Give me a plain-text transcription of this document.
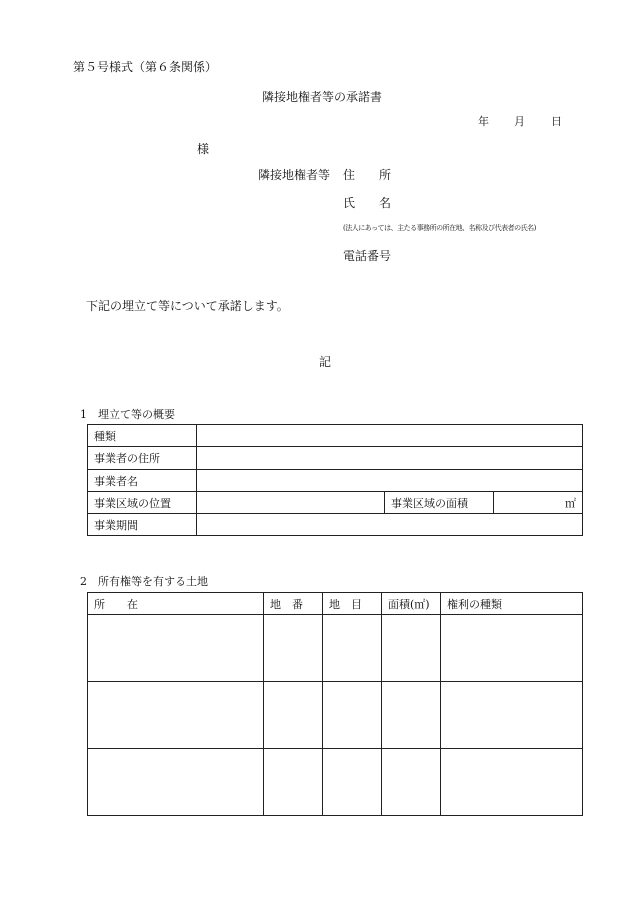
第５号様式（第６条関係）
隣接地権者等の承諾書
年 月 日
様
隣接地権者等 住　　所
氏　　名
(法人にあっては、主たる事務所の所在地、名称及び代表者の氏名)
電話番号
下記の埋立て等について承諾します。
記
1　埋立て等の概要
種類			
事業者の住所			
事業者名			
事業区域の位置		事業区域の面積	㎡
事業期間			
2　所有権等を有する土地
所　　在	地　番	地　目	面積(㎡)	権利の種類
